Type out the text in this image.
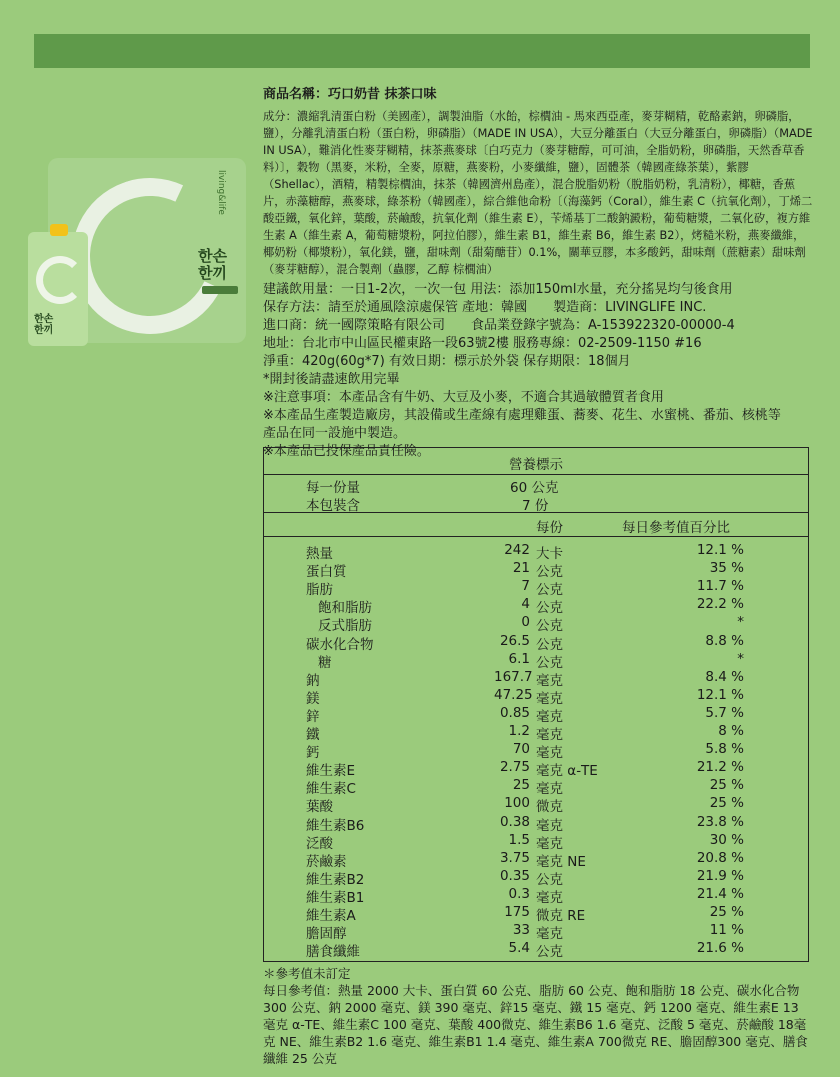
living&life
한손
한끼
한손
한끼
商品名稱：巧口奶昔 抹茶口味
成分：濃縮乳清蛋白粉（美國產），調製油脂（水飴，棕櫚油 - 馬來西亞產，麥芽糊精，乾酪素鈉，卵磷脂，鹽），分離乳清蛋白粉（蛋白粉，卵磷脂）（MADE IN USA），大豆分離蛋白（大豆分離蛋白，卵磷脂）（MADE IN USA），難消化性麥芽糊精，抹茶燕麥球〔白巧克力（麥芽糖醇，可可油，全脂奶粉，卵磷脂，天然香草香料）〕，穀物（黑麥，米粉，全麥，原糖，燕麥粉，小麥纖維，鹽），固體茶（韓國產綠茶葉），紫膠（Shellac），酒精，精製棕櫚油，抹茶（韓國濟州島產），混合脫脂奶粉（脫脂奶粉，乳清粉），椰糖，香蕉片，赤藻糖醇，燕麥球，綠茶粉（韓國產），綜合維他命粉〔（海藻鈣（Coral），維生素 C（抗氧化劑），丁烯二酸亞鐵，氧化鋅，葉酸，菸鹼酸，抗氧化劑（維生素 E），苄烯基丁二酸鈉澱粉，葡萄糖漿，二氧化矽，複方維生素 A（維生素 A，葡萄糖漿粉，阿拉伯膠），維生素 B1，維生素 B6，維生素 B2），烤糙米粉，燕麥纖維，椰奶粉（椰漿粉），氧化鎂，鹽，甜味劑（甜菊醣苷）0.1%，關華豆膠，本多酸鈣，甜味劑（蔗糖素）甜味劑（麥芽糖醇），混合製劑（蟲膠，乙醇 棕櫚油）
建議飲用量：一日1-2次，一次一包 用法：添加150ml水量，充分搖晃均勻後食用
保存方法：請至於通風陰涼處保管 產地：韓國　　製造商：LIVINGLIFE INC.
進口商：統一國際策略有限公司　　食品業登錄字號為：A-153922320-00000-4
地址：台北市中山區民權東路一段63號2樓 服務專線：02-2509-1150 #16
淨重：420g(60g*7) 有效日期：標示於外袋 保存期限：18個月
*開封後請盡速飲用完畢
※注意事項：本產品含有牛奶、大豆及小麥，不適合其過敏體質者食用
※本產品生產製造廠房，其設備或生產線有處理雞蛋、蕎麥、花生、水蜜桃、番茄、核桃等
產品在同一設施中製造。
※本產品已投保產品責任險。
營養標示
每一份量	60 公克
本包裝含	7 份
每份	每日參考值百分比
熱量	242 大卡	12.1 %
蛋白質	21 公克	35 %
脂肪	7 公克	11.7 %
飽和脂肪	4 公克	22.2 %
反式脂肪	0 公克	*
碳水化合物	26.5 公克	8.8 %
糖	6.1 公克	*
鈉	167.7 毫克	8.4 %
鎂	47.25 毫克	12.1 %
鋅	0.85 毫克	5.7 %
鐵	1.2 毫克	8 %
鈣	70 毫克	5.8 %
維生素E	2.75 毫克 α-TE	21.2 %
維生素C	25 毫克	25 %
葉酸	100 微克	25 %
維生素B6	0.38 毫克	23.8 %
泛酸	1.5 毫克	30 %
菸鹼素	3.75 毫克 NE	20.8 %
維生素B2	0.35 公克	21.9 %
維生素B1	0.3 毫克	21.4 %
維生素A	175 微克 RE	25 %
膽固醇	33 毫克	11 %
膳食纖維	5.4 公克	21.6 %
＊參考值未訂定
每日參考值：熱量 2000 大卡、蛋白質 60 公克、脂肪 60 公克、飽和脂肪 18 公克、碳水化合物 300 公克、鈉 2000 毫克、鎂 390 毫克、鋅15 毫克、鐵 15 毫克、鈣 1200 毫克、維生素E 13 毫克 α-TE、維生素C 100 毫克、葉酸 400微克、維生素B6 1.6 毫克、泛酸 5 毫克、菸鹼酸 18毫克 NE、維生素B2 1.6 毫克、維生素B1 1.4 毫克、維生素A 700微克 RE、膽固醇300 毫克、膳食纖維 25 公克
